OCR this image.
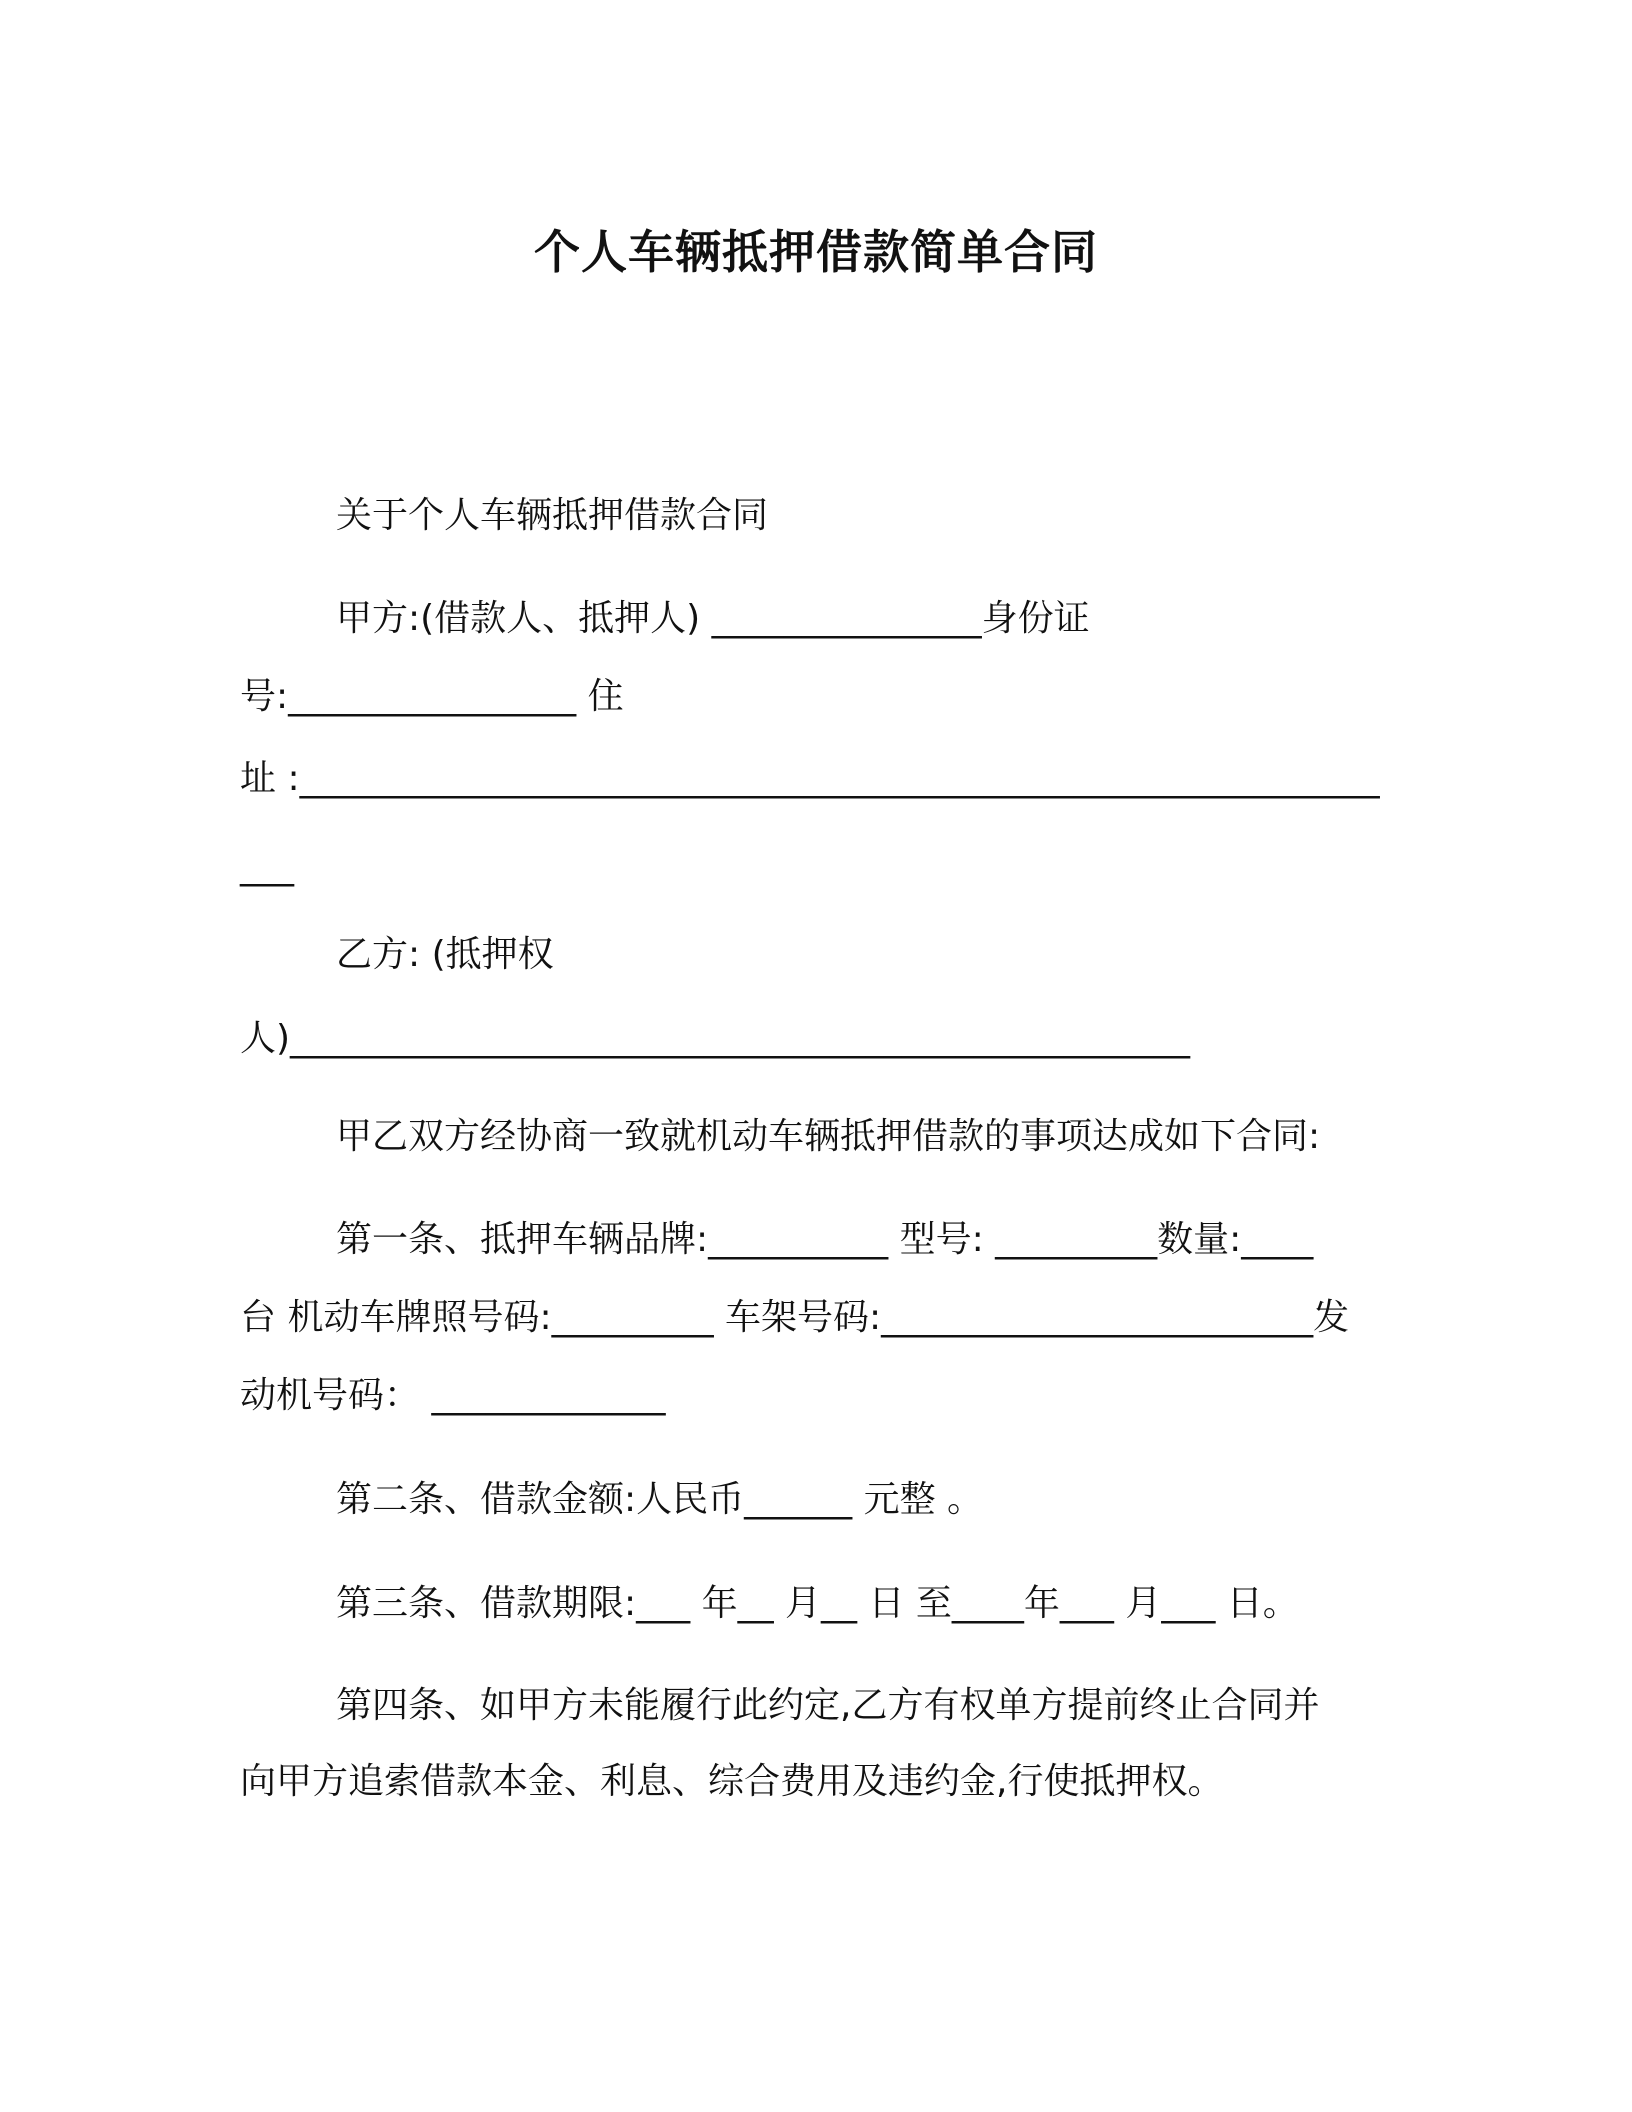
个人车辆抵押借款简单合同
关于个人车辆抵押借款合同
甲方:(借款人、抵押人) _______________身份证
号:________________ 住
址 :____________________________________________________________
___
乙方: (抵押权
人)__________________________________________________
甲乙双方经协商一致就机动车辆抵押借款的事项达成如下合同:
第一条、抵押车辆品牌:__________ 型号: _________数量:____
台 机动车牌照号码:_________ 车架号码:________________________发
动机号码： _____________
第二条、借款金额:人民币______ 元整 。
第三条、借款期限:___ 年__ 月__ 日 至____年___ 月___ 日。
第四条、如甲方未能履行此约定,乙方有权单方提前终止合同并
向甲方追索借款本金、利息、综合费用及违约金,行使抵押权。
